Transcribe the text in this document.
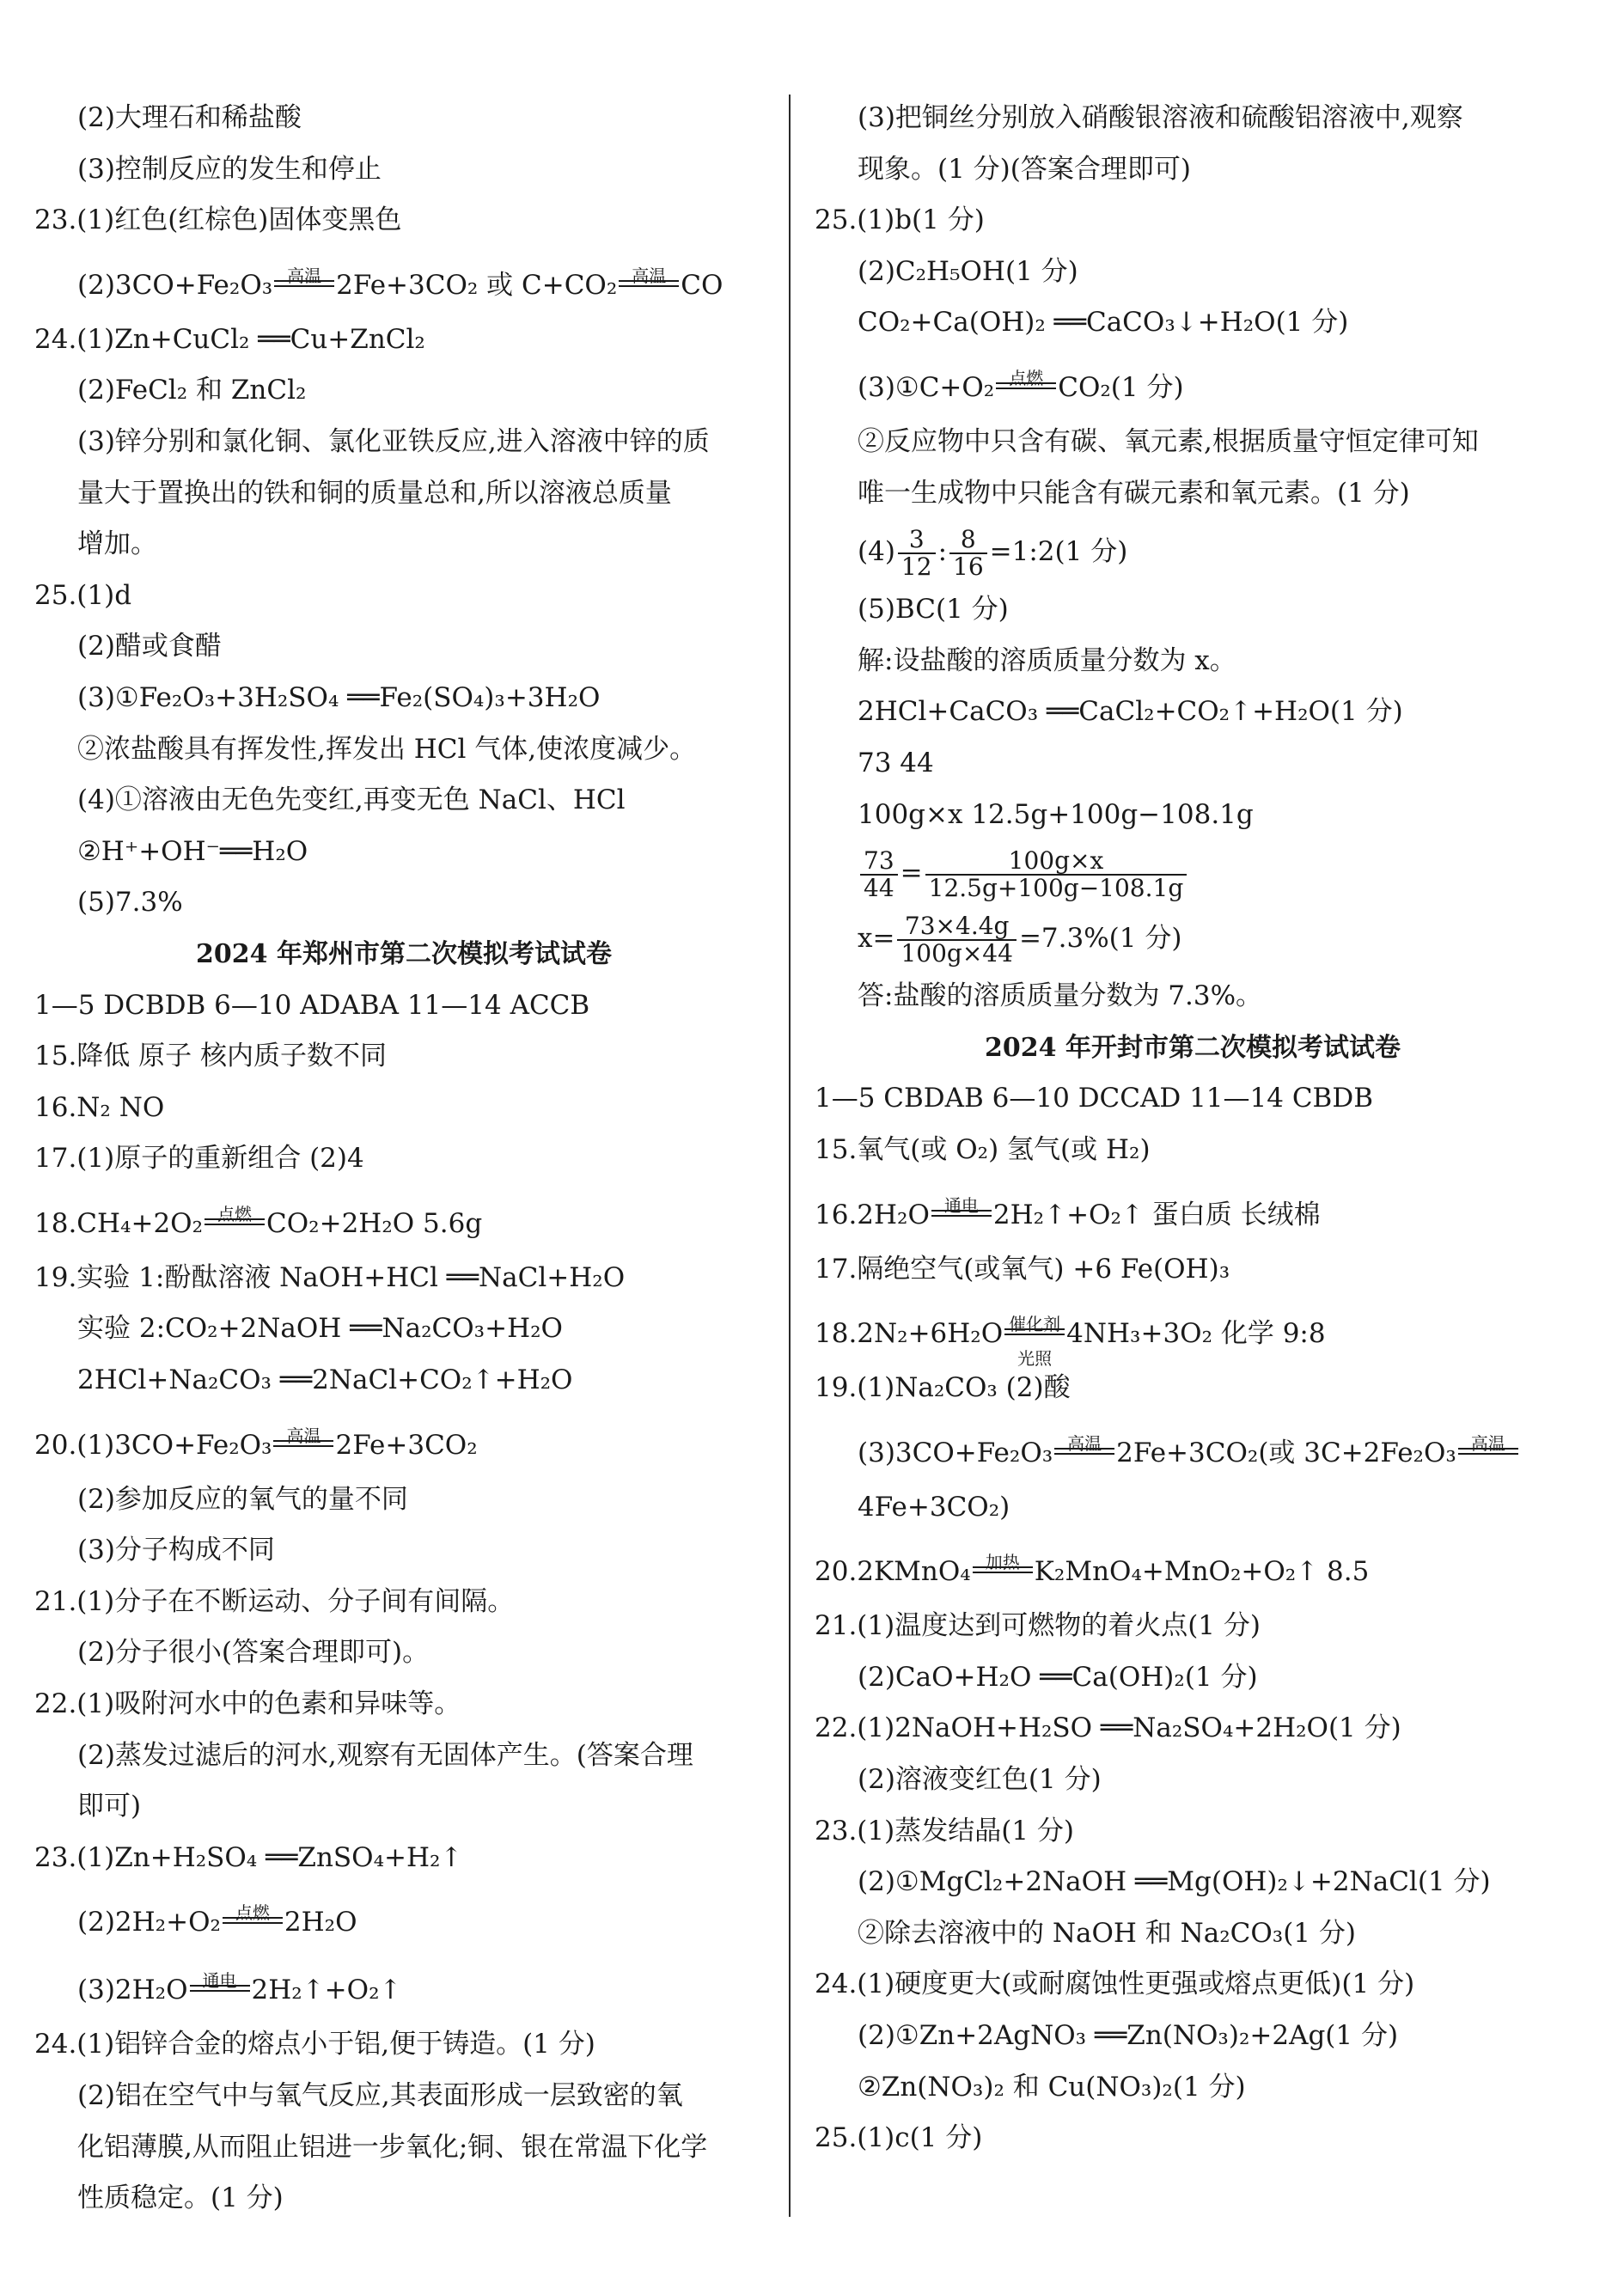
(2)大理石和稀盐酸
(3)控制反应的发生和停止
23.(1)红色(红棕色)固体变黑色
(2)3CO+Fe₂O₃ 高温 2Fe+3CO₂ 或 C+CO₂ 高温 CO
24.(1)Zn+CuCl₂ ══Cu+ZnCl₂
(2)FeCl₂ 和 ZnCl₂
(3)锌分别和氯化铜、氯化亚铁反应,进入溶液中锌的质
量大于置换出的铁和铜的质量总和,所以溶液总质量
增加。
25.(1)d
(2)醋或食醋
(3)①Fe₂O₃+3H₂SO₄ ══Fe₂(SO₄)₃+3H₂O
②浓盐酸具有挥发性,挥发出 HCl 气体,使浓度减少。
(4)①溶液由无色先变红,再变无色 NaCl、HCl
②H⁺+OH⁻══H₂O
(5)7.3%
2024 年郑州市第二次模拟考试试卷
1—5 DCBDB 6—10 ADABA 11—14 ACCB
15.降低 原子 核内质子数不同
16.N₂ NO
17.(1)原子的重新组合 (2)4
18.CH₄+2O₂ 点燃 CO₂+2H₂O 5.6g
19.实验 1:酚酞溶液 NaOH+HCl ══NaCl+H₂O
实验 2:CO₂+2NaOH ══Na₂CO₃+H₂O
2HCl+Na₂CO₃ ══2NaCl+CO₂↑+H₂O
20.(1)3CO+Fe₂O₃ 高温 2Fe+3CO₂
(2)参加反应的氧气的量不同
(3)分子构成不同
21.(1)分子在不断运动、分子间有间隔。
(2)分子很小(答案合理即可)。
22.(1)吸附河水中的色素和异味等。
(2)蒸发过滤后的河水,观察有无固体产生。(答案合理
即可)
23.(1)Zn+H₂SO₄ ══ZnSO₄+H₂↑
(2)2H₂+O₂ 点燃 2H₂O
(3)2H₂O 通电 2H₂↑+O₂↑
24.(1)铝锌合金的熔点小于铝,便于铸造。(1 分)
(2)铝在空气中与氧气反应,其表面形成一层致密的氧
化铝薄膜,从而阻止铝进一步氧化;铜、银在常温下化学
性质稳定。(1 分)
(3)把铜丝分别放入硝酸银溶液和硫酸铝溶液中,观察
现象。(1 分)(答案合理即可)
25.(1)b(1 分)
(2)C₂H₅OH(1 分)
CO₂+Ca(OH)₂ ══CaCO₃↓+H₂O(1 分)
(3)①C+O₂ 点燃 CO₂(1 分)
②反应物中只含有碳、氧元素,根据质量守恒定律可知
唯一生成物中只能含有碳元素和氧元素。(1 分)
$(4) \frac{3}{12}$ : $\frac{8}{16}$ =1:2(1 分)
(5)BC(1 分)
解:设盐酸的溶质质量分数为 x。
2HCl+CaCO₃ ══CaCl₂+CO₂↑+H₂O(1 分)
73 44
100g×x 12.5g+100g−108.1g
$\frac{73}{44} = \frac{100g\times x}{12.5g+100g-108.1g}$
$x= \frac{73\times 4.4g}{100g\times 44} =7.3\%(1$ 分)
答:盐酸的溶质质量分数为 7.3%。
2024 年开封市第二次模拟考试试卷
1—5 CBDAB 6—10 DCCAD 11—14 CBDB
15.氧气(或 O₂) 氢气(或 H₂)
16.2H₂O 通电 2H₂↑+O₂↑ 蛋白质 长绒棉
17.隔绝空气(或氧气) +6 Fe(OH)₃
18.2N₂+6H₂O 催化剂
光照
4NH₃+3O₂ 化学 9:8
19.(1)Na₂CO₃ (2)酸
(3)3CO+Fe₂O₃ 高温 2Fe+3CO₂(或 3C+2Fe₂O₃ 高温
4Fe+3CO₂)
20.2KMnO₄ 加热 K₂MnO₄+MnO₂+O₂↑ 8.5
21.(1)温度达到可燃物的着火点(1 分)
(2)CaO+H₂O ══Ca(OH)₂(1 分)
22.(1)2NaOH+H₂SO ══Na₂SO₄+2H₂O(1 分)
(2)溶液变红色(1 分)
23.(1)蒸发结晶(1 分)
(2)①MgCl₂+2NaOH ══Mg(OH)₂↓+2NaCl(1 分)
②除去溶液中的 NaOH 和 Na₂CO₃(1 分)
24.(1)硬度更大(或耐腐蚀性更强或熔点更低)(1 分)
(2)①Zn+2AgNO₃ ══Zn(NO₃)₂+2Ag(1 分)
②Zn(NO₃)₂ 和 Cu(NO₃)₂(1 分)
25.(1)c(1 分)
